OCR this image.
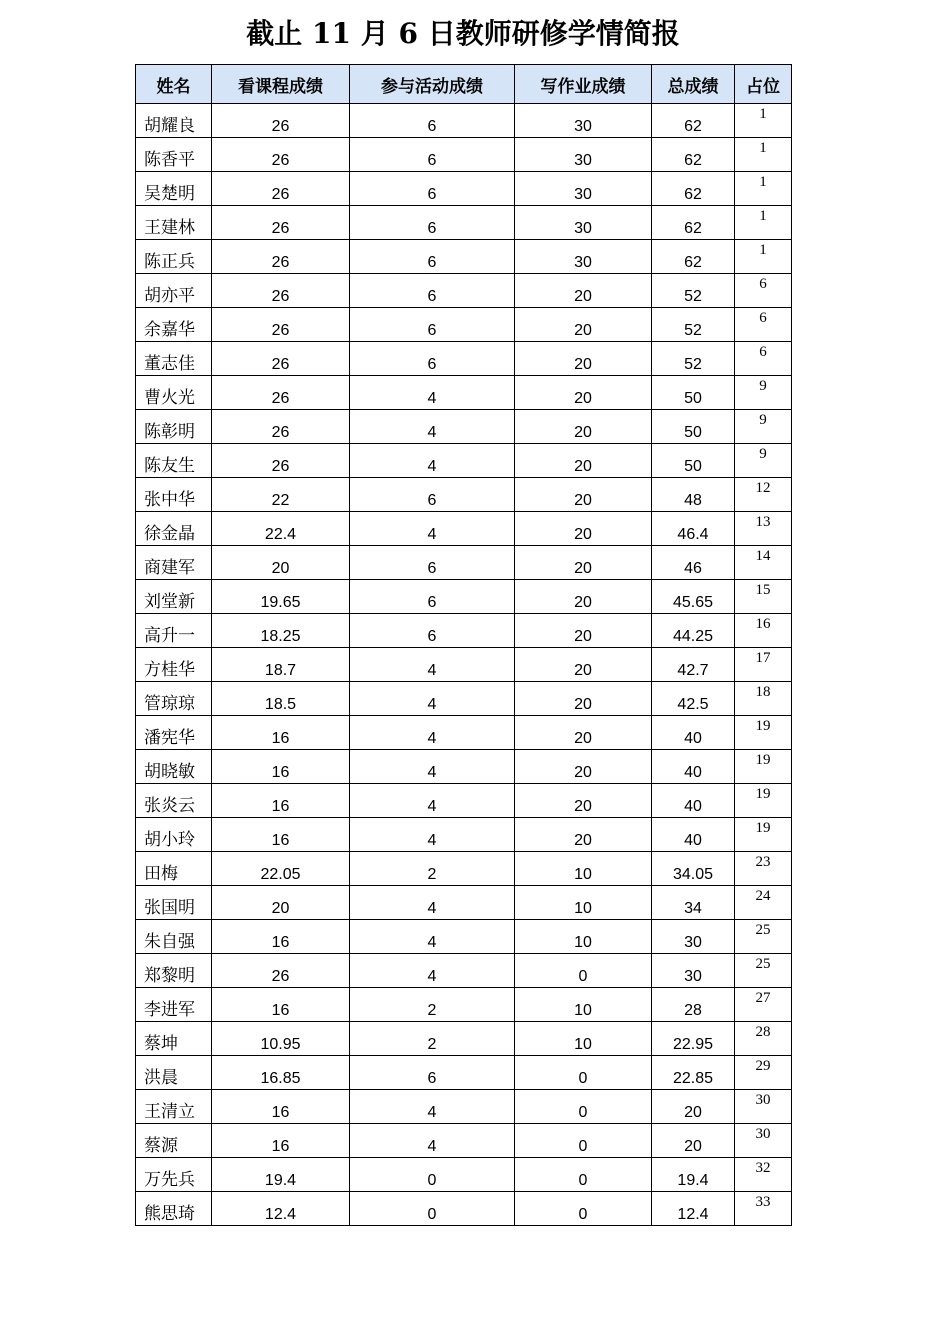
截止 11 月 6 日教师研修学情简报
姓名	看课程成绩	参与活动成绩	写作业成绩	总成绩	占位
胡耀良	26	6	30	62	1
陈香平	26	6	30	62	1
吴楚明	26	6	30	62	1
王建林	26	6	30	62	1
陈正兵	26	6	30	62	1
胡亦平	26	6	20	52	6
余嘉华	26	6	20	52	6
董志佳	26	6	20	52	6
曹火光	26	4	20	50	9
陈彰明	26	4	20	50	9
陈友生	26	4	20	50	9
张中华	22	6	20	48	12
徐金晶	22.4	4	20	46.4	13
商建军	20	6	20	46	14
刘堂新	19.65	6	20	45.65	15
高升一	18.25	6	20	44.25	16
方桂华	18.7	4	20	42.7	17
管琼琼	18.5	4	20	42.5	18
潘宪华	16	4	20	40	19
胡晓敏	16	4	20	40	19
张炎云	16	4	20	40	19
胡小玲	16	4	20	40	19
田梅	22.05	2	10	34.05	23
张国明	20	4	10	34	24
朱自强	16	4	10	30	25
郑黎明	26	4	0	30	25
李进军	16	2	10	28	27
蔡坤	10.95	2	10	22.95	28
洪晨	16.85	6	0	22.85	29
王清立	16	4	0	20	30
蔡源	16	4	0	20	30
万先兵	19.4	0	0	19.4	32
熊思琦	12.4	0	0	12.4	33
